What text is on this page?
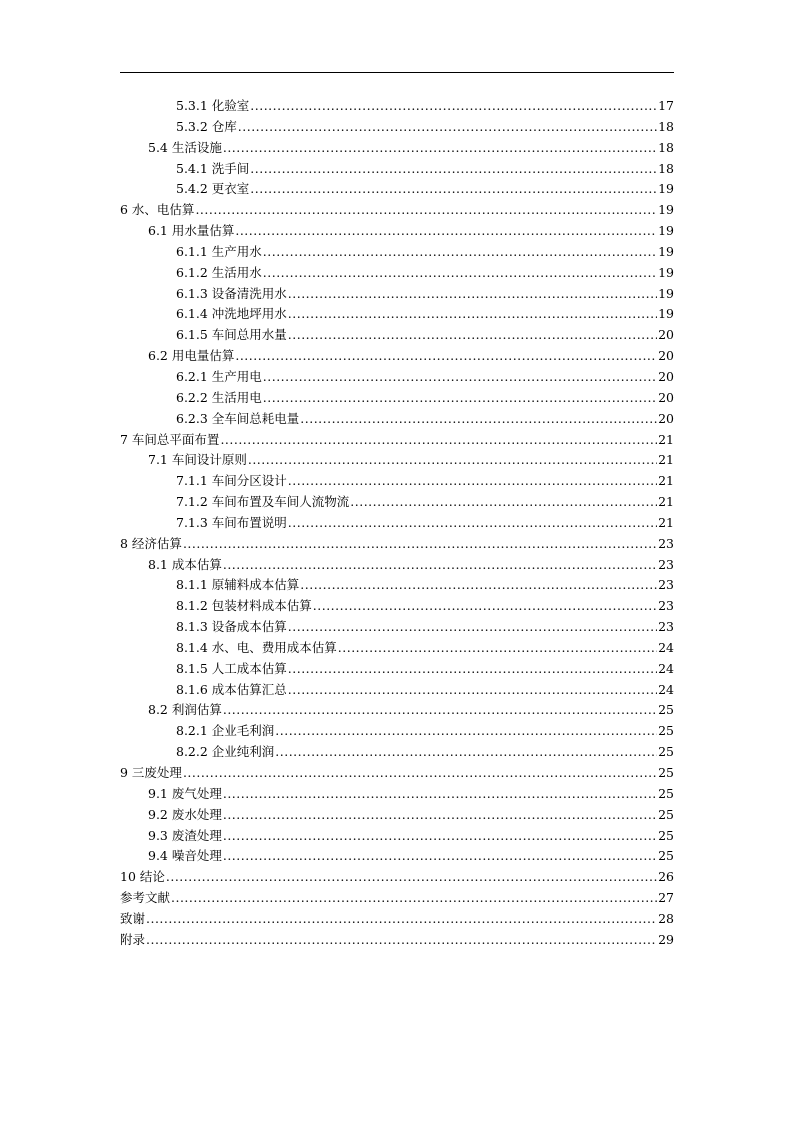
5.3.1 化验室 .....	17
5.3.2 仓库 .....	18
5.4 生活设施 .....	18
5.4.1 洗手间 .....	18
5.4.2 更衣室 .....	19
6 水、电估算 .....	19
6.1 用水量估算 .....	19
6.1.1 生产用水 .....	19
6.1.2 生活用水 .....	19
6.1.3 设备清洗用水 .....	19
6.1.4 冲洗地坪用水 .....	19
6.1.5 车间总用水量 .....	20
6.2 用电量估算 .....	20
6.2.1 生产用电 .....	20
6.2.2 生活用电 .....	20
6.2.3 全车间总耗电量 .....	20
7 车间总平面布置 .....	21
7.1 车间设计原则 .....	21
7.1.1 车间分区设计 .....	21
7.1.2 车间布置及车间人流物流 .....	21
7.1.3 车间布置说明 .....	21
8 经济估算 .....	23
8.1 成本估算 .....	23
8.1.1 原辅料成本估算 .....	23
8.1.2 包装材料成本估算 .....	23
8.1.3 设备成本估算 .....	23
8.1.4 水、电、费用成本估算 .....	24
8.1.5 人工成本估算 .....	24
8.1.6 成本估算汇总 .....	24
8.2 利润估算 .....	25
8.2.1 企业毛利润 .....	25
8.2.2 企业纯利润 .....	25
9 三废处理 .....	25
9.1 废气处理 .....	25
9.2 废水处理 .....	25
9.3 废渣处理 .....	25
9.4 噪音处理 .....	25
10 结论 .....	26
参考文献 .....	27
致谢 .....	28
附录 .....	29
